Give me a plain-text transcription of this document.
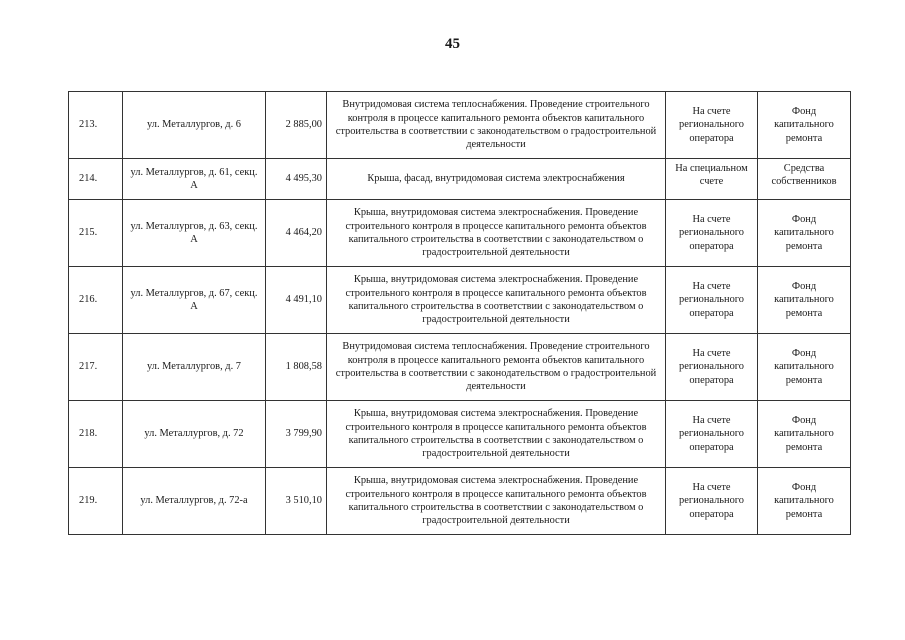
45
213.	ул. Металлургов, д. 6	2 885,00	Внутридомовая система теплоснабжения. Проведение строительного контроля в процессе капитального ремонта объектов капитального строительства в соответствии с законодательством о градостроительной деятельности	На счете регионального оператора	Фонд капитального ремонта
214.	ул. Металлургов, д. 61, секц. А	4 495,30	Крыша, фасад, внутридомовая система электроснабжения	На специальном счете	Средства собственников
215.	ул. Металлургов, д. 63, секц. А	4 464,20	Крыша, внутридомовая система электроснабжения. Проведение строительного контроля в процессе капитального ремонта объектов капитального строительства в соответствии с законодательством о градостроительной деятельности	На счете регионального оператора	Фонд капитального ремонта
216.	ул. Металлургов, д. 67, секц. А	4 491,10	Крыша, внутридомовая система электроснабжения. Проведение строительного контроля в процессе капитального ремонта объектов капитального строительства в соответствии с законодательством о градостроительной деятельности	На счете регионального оператора	Фонд капитального ремонта
217.	ул. Металлургов, д. 7	1 808,58	Внутридомовая система теплоснабжения. Проведение строительного контроля в процессе капитального ремонта объектов капитального строительства в соответствии с законодательством о градостроительной деятельности	На счете регионального оператора	Фонд капитального ремонта
218.	ул. Металлургов, д. 72	3 799,90	Крыша, внутридомовая система электроснабжения. Проведение строительного контроля в процессе капитального ремонта объектов капитального строительства в соответствии с законодательством о градостроительной деятельности	На счете регионального оператора	Фонд капитального ремонта
219.	ул. Металлургов, д. 72-а	3 510,10	Крыша, внутридомовая система электроснабжения. Проведение строительного контроля в процессе капитального ремонта объектов капитального строительства в соответствии с законодательством о градостроительной деятельности	На счете регионального оператора	Фонд капитального ремонта
